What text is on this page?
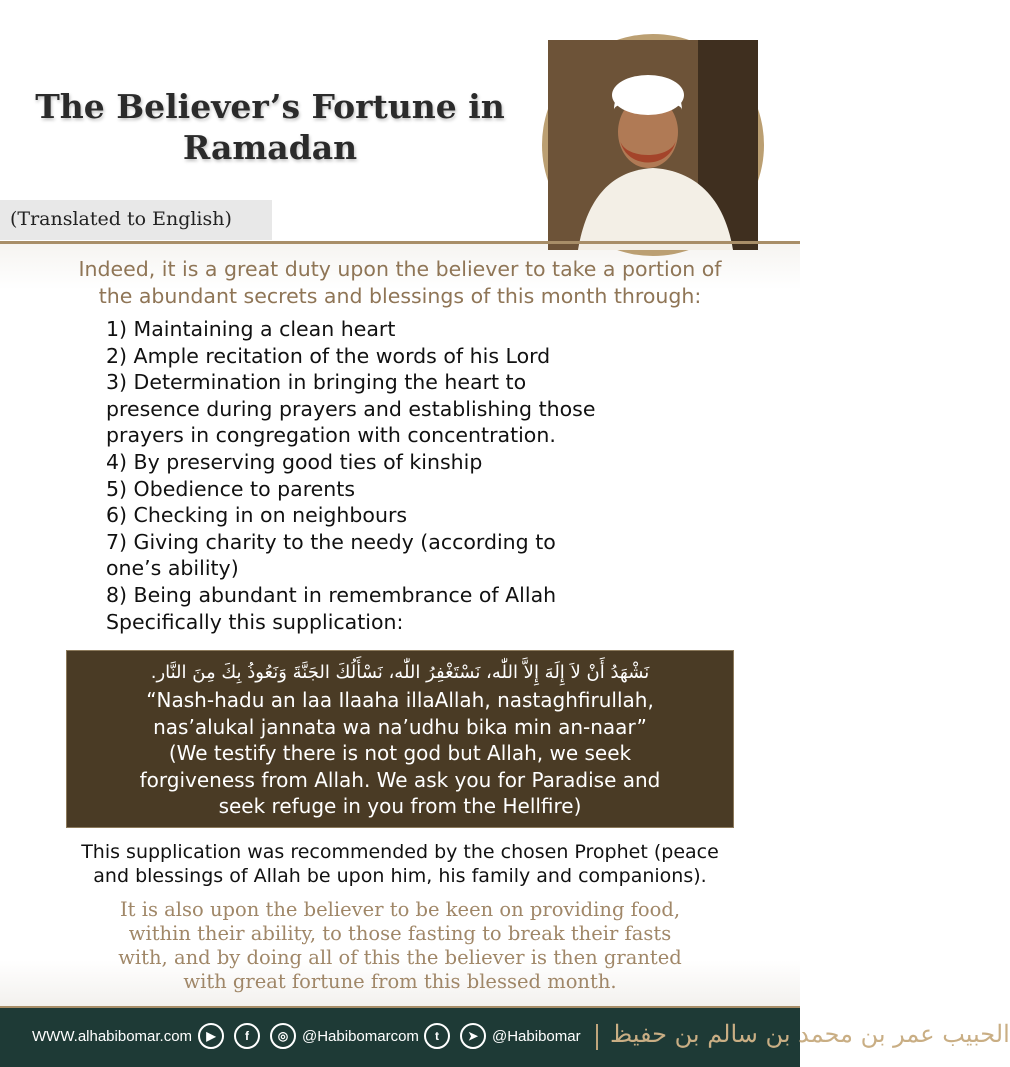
The Believer’s Fortune in
Ramadan
(Translated to English)
Indeed, it is a great duty upon the believer to take a portion of
the abundant secrets and blessings of this month through:
1) Maintaining a clean heart
2) Ample recitation of the words of his Lord
3) Determination in bringing the heart to
presence during prayers and establishing those
prayers in congregation with concentration.
4) By preserving good ties of kinship
5) Obedience to parents
6) Checking in on neighbours
7) Giving charity to the needy (according to
one’s ability)
8) Being abundant in remembrance of Allah
Specifically this supplication:
نَشْهَدُ أَنْ لاَ إِلَهَ إِلاَّ اللّٰه، نَسْتَغْفِرُ اللّٰه، نَسْأَلُكَ الجَنَّةَ وَنَعُوذُ بِكَ مِنَ النَّار.
“Nash-hadu an laa Ilaaha illaAllah, nastaghfirullah,
nas’alukal jannata wa na’udhu bika min an-naar”
(We testify there is not god but Allah, we seek
forgiveness from Allah. We ask you for Paradise and
seek refuge in you from the Hellfire)
This supplication was recommended by the chosen Prophet (peace
and blessings of Allah be upon him, his family and companions).
It is also upon the believer to be keen on providing food,
within their ability, to those fasting to break their fasts
with, and by doing all of this the believer is then granted
with great fortune from this blessed month.
WWW.alhabibomar.com	▶	f	◎ @Habibomarcom	t	➤ @Habibomar الحبيب عمر بن محمد بن سالم بن حفيظ
